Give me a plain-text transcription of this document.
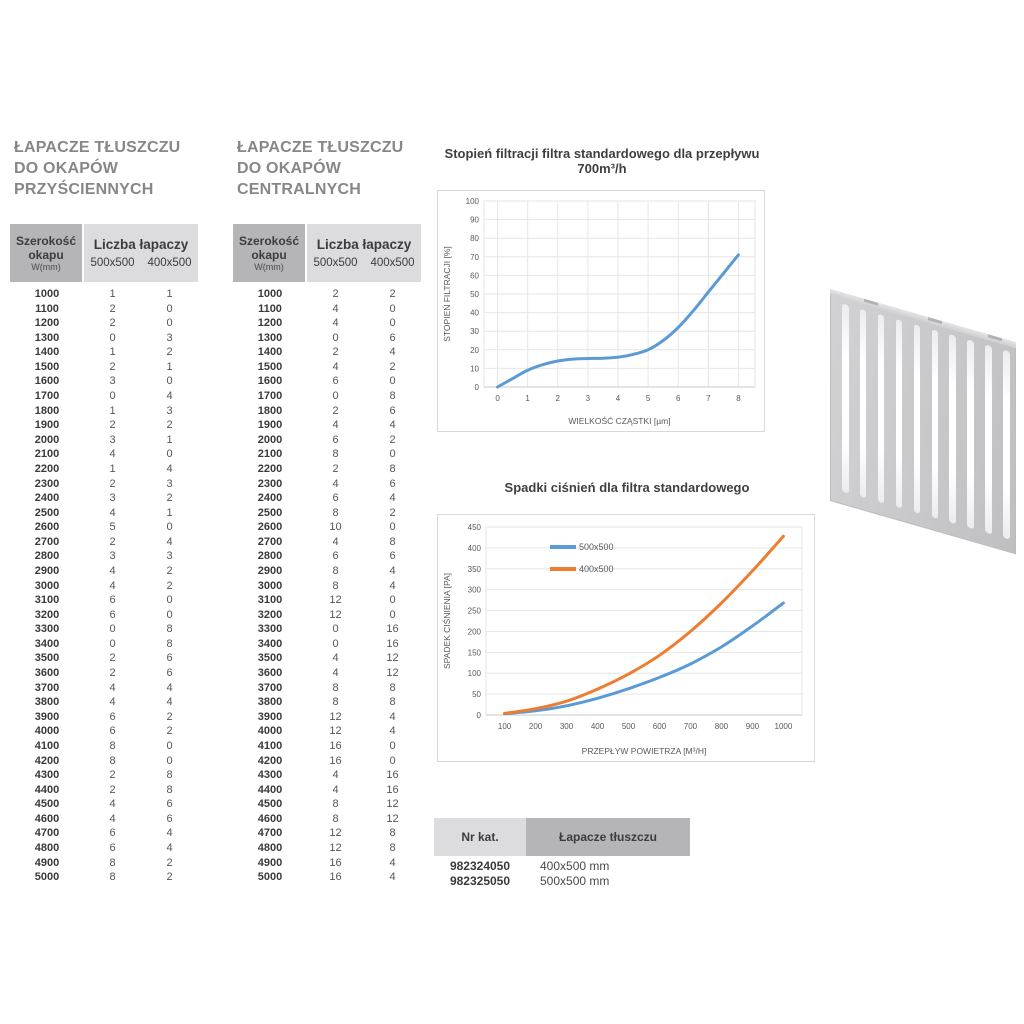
ŁAPACZE TŁUSZCZU
DO OKAPÓW
PRZYŚCIENNYCH
Szerokość
okapu
W(mm)
Liczba łapaczy
500x500	400x500
1000	1	1
1100	2	0
1200	2	0
1300	0	3
1400	1	2
1500	2	1
1600	3	0
1700	0	4
1800	1	3
1900	2	2
2000	3	1
2100	4	0
2200	1	4
2300	2	3
2400	3	2
2500	4	1
2600	5	0
2700	2	4
2800	3	3
2900	4	2
3000	4	2
3100	6	0
3200	6	0
3300	0	8
3400	0	8
3500	2	6
3600	2	6
3700	4	4
3800	4	4
3900	6	2
4000	6	2
4100	8	0
4200	8	0
4300	2	8
4400	2	8
4500	4	6
4600	4	6
4700	6	4
4800	6	4
4900	8	2
5000	8	2
ŁAPACZE TŁUSZCZU
DO OKAPÓW
CENTRALNYCH
Szerokość
okapu
W(mm)
Liczba łapaczy
500x500	400x500
1000	2	2
1100	4	0
1200	4	0
1300	0	6
1400	2	4
1500	4	2
1600	6	0
1700	0	8
1800	2	6
1900	4	4
2000	6	2
2100	8	0
2200	2	8
2300	4	6
2400	6	4
2500	8	2
2600	10	0
2700	4	8
2800	6	6
2900	8	4
3000	8	4
3100	12	0
3200	12	0
3300	0	16
3400	0	16
3500	4	12
3600	4	12
3700	8	8
3800	8	8
3900	12	4
4000	12	4
4100	16	0
4200	16	0
4300	4	16
4400	4	16
4500	8	12
4600	8	12
4700	12	8
4800	12	8
4900	16	4
5000	16	4
Stopień filtracji filtra standardowego dla przepływu 700m³/h
0
10
20
30
40
50
60
70
80
90
100
0	1	2	3	4	5	6	7	8
WIELKOŚĆ CZĄSTKI [µm]
STOPIEŃ FILTRACJI [%]
Spadki ciśnień dla filtra standardowego
0
50
100
150
200
250
300
350
400
450
100 200 300 400 500 600 700 800 900 1000
PRZEPŁYW POWIETRZA [M³/H]
SPADEK CIŚNIENIA [PA]
500x500
400x500
Nr kat.	Łapacze tłuszczu
982324050	400x500 mm
982325050	500x500 mm
